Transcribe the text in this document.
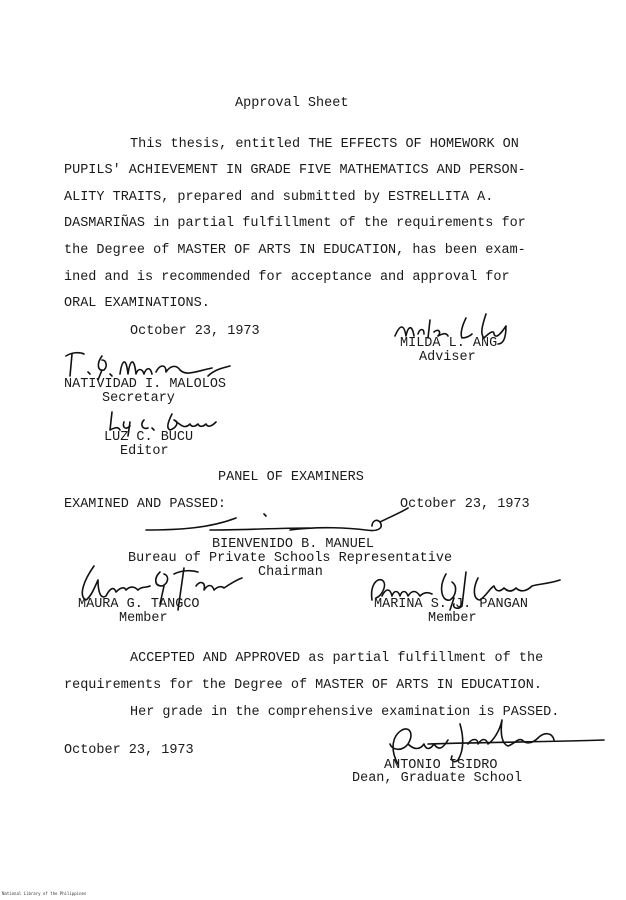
Approval Sheet
This thesis, entitled THE EFFECTS OF HOMEWORK ON
PUPILS' ACHIEVEMENT IN GRADE FIVE MATHEMATICS AND PERSON-
ALITY TRAITS, prepared and submitted by ESTRELLITA A.
DASMARIÑAS in partial fulfillment of the requirements for
the Degree of MASTER OF ARTS IN EDUCATION, has been exam-
ined and is recommended for acceptance and approval for
ORAL EXAMINATIONS.
October 23, 1973
MILDA L. ANG
Adviser
NATIVIDAD I. MALOLOS
Secretary
LUZ C. BUCU
Editor
PANEL OF EXAMINERS
EXAMINED AND PASSED:	October 23, 1973
BIENVENIDO B. MANUEL
Bureau of Private Schools Representative
Chairman
MAURA G. TANGCO
Member
MARINA S. J. PANGAN
Member
ACCEPTED AND APPROVED as partial fulfillment of the
requirements for the Degree of MASTER OF ARTS IN EDUCATION.
Her grade in the comprehensive examination is PASSED.
October 23, 1973
ANTONIO ISIDRO
Dean, Graduate School
National Library of the Philippines
